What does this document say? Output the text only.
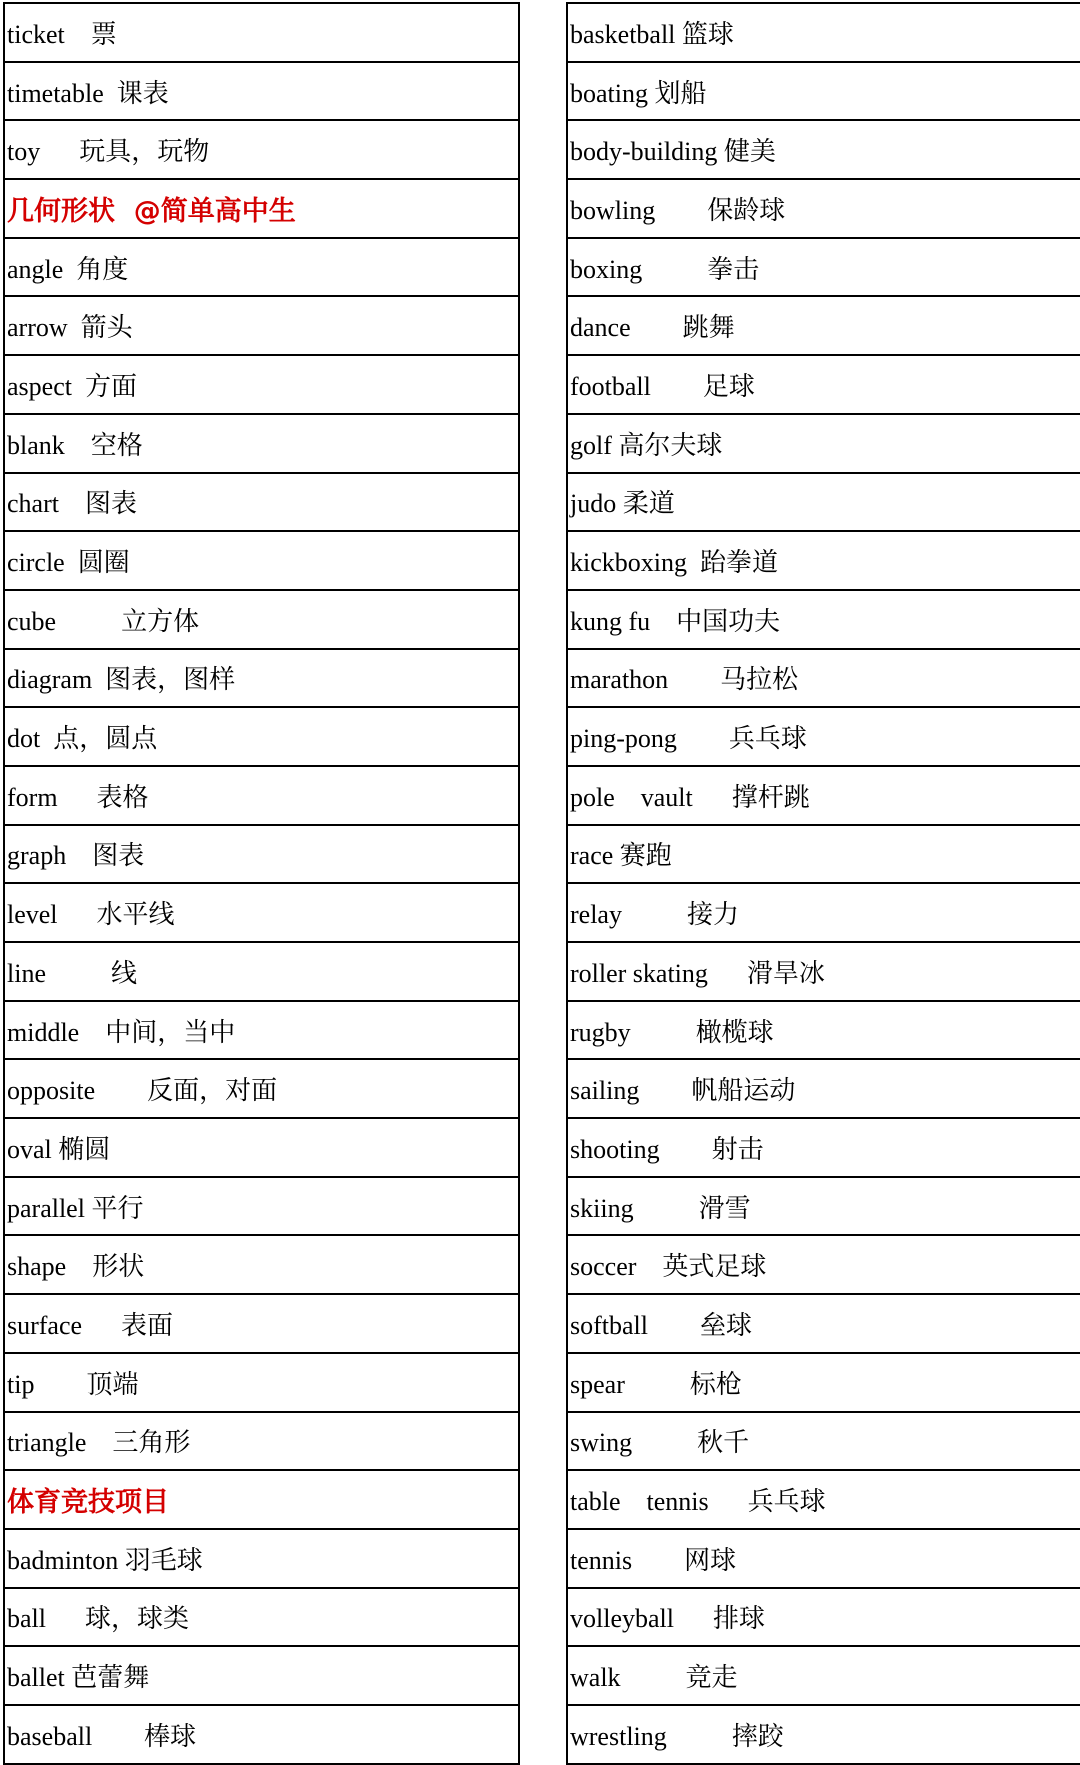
ticket    票
timetable  课表
toy      玩具，玩物
几何形状  @简单高中生
angle  角度
arrow  箭头
aspect  方面
blank    空格
chart    图表
circle  圆圈
cube          立方体
diagram  图表，图样
dot  点，圆点
form      表格
graph    图表
level      水平线
line          线
middle    中间，当中
opposite        反面，对面
oval 椭圆
parallel 平行
shape    形状
surface      表面
tip        顶端
triangle    三角形
体育竞技项目
badminton 羽毛球
ball      球，球类
ballet 芭蕾舞
baseball        棒球
basketball 篮球
boating 划船
body-building 健美
bowling        保龄球
boxing          拳击
dance        跳舞
football        足球
golf 高尔夫球
judo 柔道
kickboxing  跆拳道
kung fu    中国功夫
marathon        马拉松
ping-pong        兵乓球
pole    vault      撑杆跳
race 赛跑
relay          接力
roller skating      滑旱冰
rugby          橄榄球
sailing        帆船运动
shooting        射击
skiing          滑雪
soccer    英式足球
softball        垒球
spear          标枪
swing          秋千
table    tennis      兵乓球
tennis        网球
volleyball      排球
walk          竞走
wrestling          摔跤
